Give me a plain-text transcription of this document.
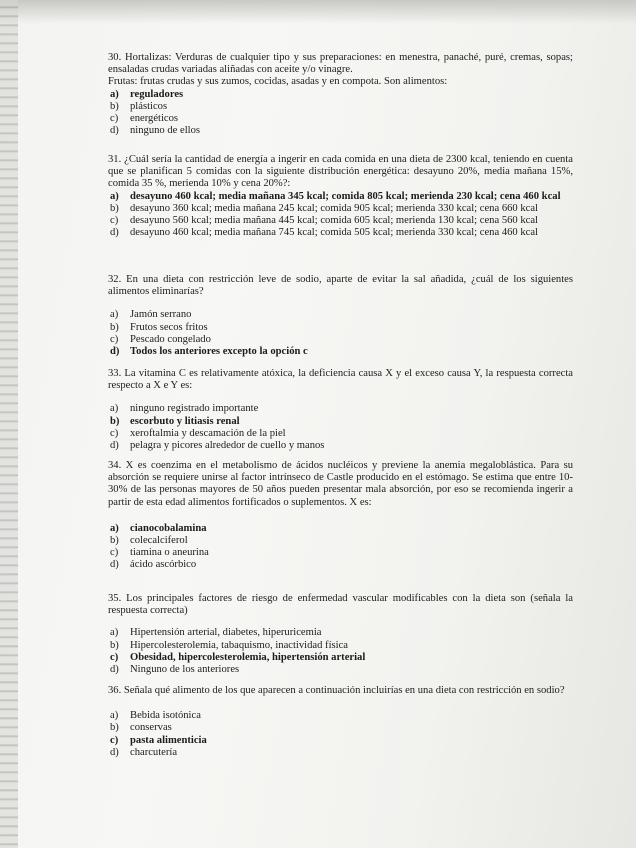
30. Hortalizas: Verduras de cualquier tipo y sus preparaciones: en menestra, panaché, puré, cremas, sopas; ensaladas crudas variadas aliñadas con aceite y/o vinagre.

Frutas: frutas crudas y sus zumos, cocidas, asadas y en compota. Son alimentos:

a)	reguladores
b)	plásticos
c)	energéticos
d)	ninguno de ellos

31. ¿Cuál sería la cantidad de energía a ingerir en cada comida en una dieta de 2300 kcal, teniendo en cuenta que se planifican 5 comidas con la siguiente distribución energética: desayuno 20%, media mañana 15%, comida 35 %, merienda 10% y cena 20%?:

a)	desayuno 460 kcal; media mañana 345 kcal; comida 805 kcal; merienda 230 kcal; cena 460 kcal
b)	desayuno 360 kcal; media mañana 245 kcal; comida 905 kcal; merienda 330 kcal; cena 660 kcal
c)	desayuno 560 kcal; media mañana 445 kcal; comida 605 kcal; merienda 130 kcal; cena 560 kcal
d)	desayuno 460 kcal; media mañana 745 kcal; comida 505 kcal; merienda 330 kcal; cena 460 kcal

32. En una dieta con restricción leve de sodio, aparte de evitar la sal añadida, ¿cuál de los siguientes alimentos eliminarías?

a)	Jamón serrano
b)	Frutos secos fritos
c)	Pescado congelado
d) Todos los anteriores excepto la opción c

33. La vitamina C es relativamente atóxica, la deficiencia causa X y el exceso causa Y, la respuesta correcta respecto a X e Y es:

a)	ninguno registrado importante
b) escorbuto y litiasis renal
c)	xeroftalmia y descamación de la piel
d)	pelagra y picores alrededor de cuello y manos

34. X es coenzima en el metabolismo de ácidos nucléicos y previene la anemia megaloblástica. Para su absorción se requiere unirse al factor intrínseco de Castle producido en el estómago. Se estima que entre 10-30% de las personas mayores de 50 años pueden presentar mala absorción, por eso se recomienda ingerir a partir de esta edad alimentos fortificados o suplementos. X es:

a)	cianocobalamina
b)	colecalciferol
c)	tiamina o aneurina
d)	ácido ascórbico

35. Los principales factores de riesgo de enfermedad vascular modificables con la dieta son (señala la respuesta correcta)

a)	Hipertensión arterial, diabetes, hiperuricemia
b)	Hipercolesterolemia, tabaquismo, inactividad física
c)	Obesidad, hipercolesterolemia, hipertensión arterial
d)	Ninguno de los anteriores

36. Señala qué alimento de los que aparecen a continuación incluirías en una dieta con restricción en sodio?

a)	Bebida isotónica
b)	conservas
c)	pasta alimenticia
d)	charcutería
